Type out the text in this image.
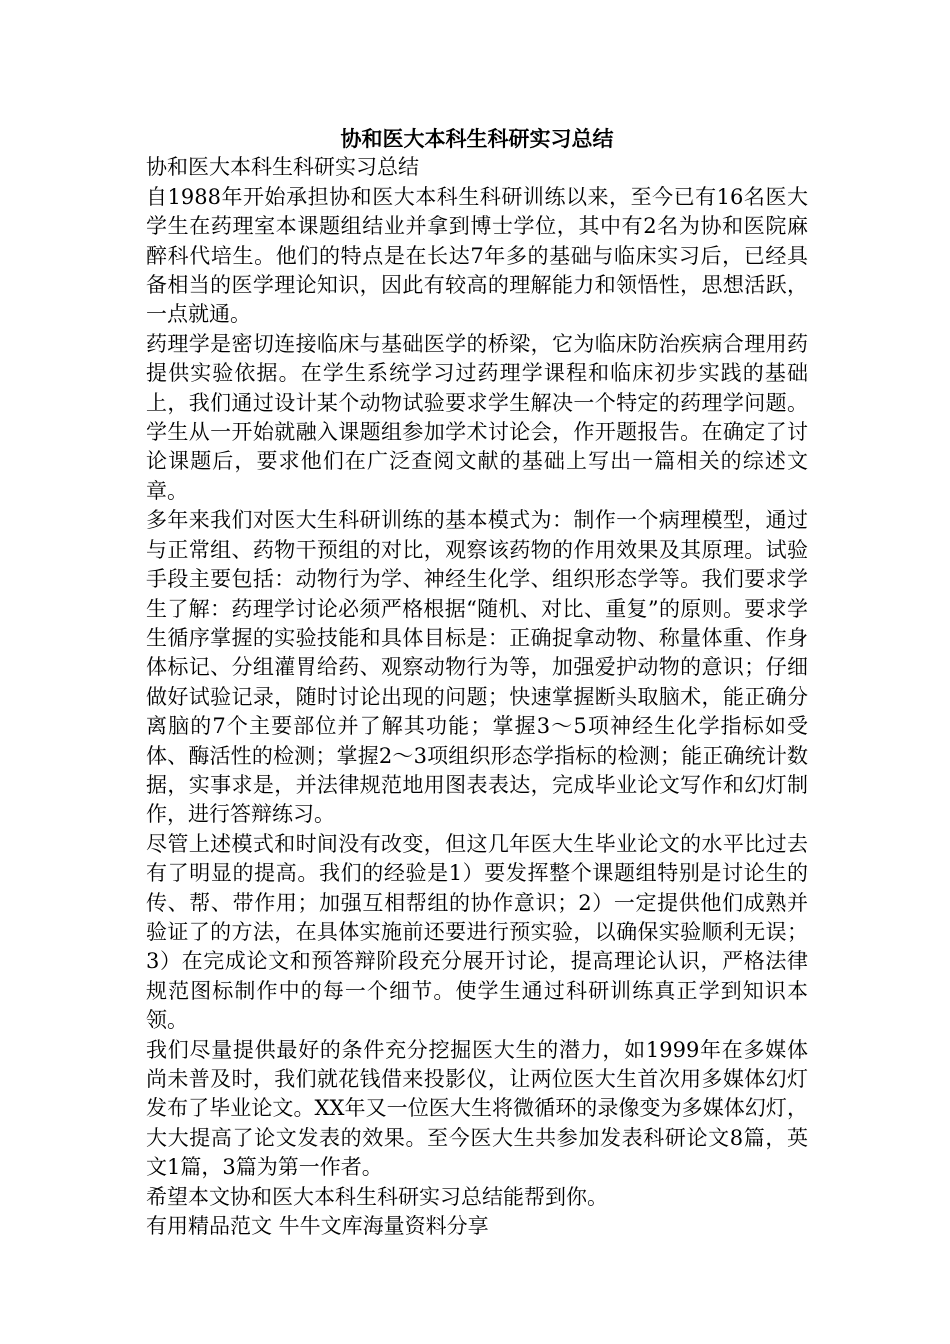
协和医大本科生科研实习总结

协和医大本科生科研实习总结

自1988年开始承担协和医大本科生科研训练以来，至今已有16名医大学生在药理室本课题组结业并拿到博士学位，其中有2名为协和医院麻醉科代培生。他们的特点是在长达7年多的基础与临床实习后，已经具备相当的医学理论知识，因此有较高的理解能力和领悟性，思想活跃，一点就通。

药理学是密切连接临床与基础医学的桥梁，它为临床防治疾病合理用药提供实验依据。在学生系统学习过药理学课程和临床初步实践的基础上，我们通过设计某个动物试验要求学生解决一个特定的药理学问题。学生从一开始就融入课题组参加学术讨论会，作开题报告。在确定了讨论课题后，要求他们在广泛查阅文献的基础上写出一篇相关的综述文章。

多年来我们对医大生科研训练的基本模式为：制作一个病理模型，通过与正常组、药物干预组的对比，观察该药物的作用效果及其原理。试验手段主要包括：动物行为学、神经生化学、组织形态学等。我们要求学生了解：药理学讨论必须严格根据“随机、对比、重复”的原则。要求学生循序掌握的实验技能和具体目标是：正确捉拿动物、称量体重、作身体标记、分组灌胃给药、观察动物行为等，加强爱护动物的意识；仔细做好试验记录，随时讨论出现的问题；快速掌握断头取脑术，能正确分离脑的7个主要部位并了解其功能；掌握3～5项神经生化学指标如受体、酶活性的检测；掌握2～3项组织形态学指标的检测；能正确统计数据，实事求是，并法律规范地用图表表达，完成毕业论文写作和幻灯制作，进行答辩练习。

尽管上述模式和时间没有改变，但这几年医大生毕业论文的水平比过去有了明显的提高。我们的经验是1）要发挥整个课题组特别是讨论生的传、帮、带作用；加强互相帮组的协作意识；2）一定提供他们成熟并验证了的方法，在具体实施前还要进行预实验，以确保实验顺利无误；3）在完成论文和预答辩阶段充分展开讨论，提高理论认识，严格法律规范图标制作中的每一个细节。使学生通过科研训练真正学到知识本领。

我们尽量提供最好的条件充分挖掘医大生的潜力，如1999年在多媒体尚未普及时，我们就花钱借来投影仪，让两位医大生首次用多媒体幻灯发布了毕业论文。XX年又一位医大生将微循环的录像变为多媒体幻灯，大大提高了论文发表的效果。至今医大生共参加发表科研论文8篇，英文1篇，3篇为第一作者。

希望本文协和医大本科生科研实习总结能帮到你。

有用精品范文 牛牛文库海量资料分享
